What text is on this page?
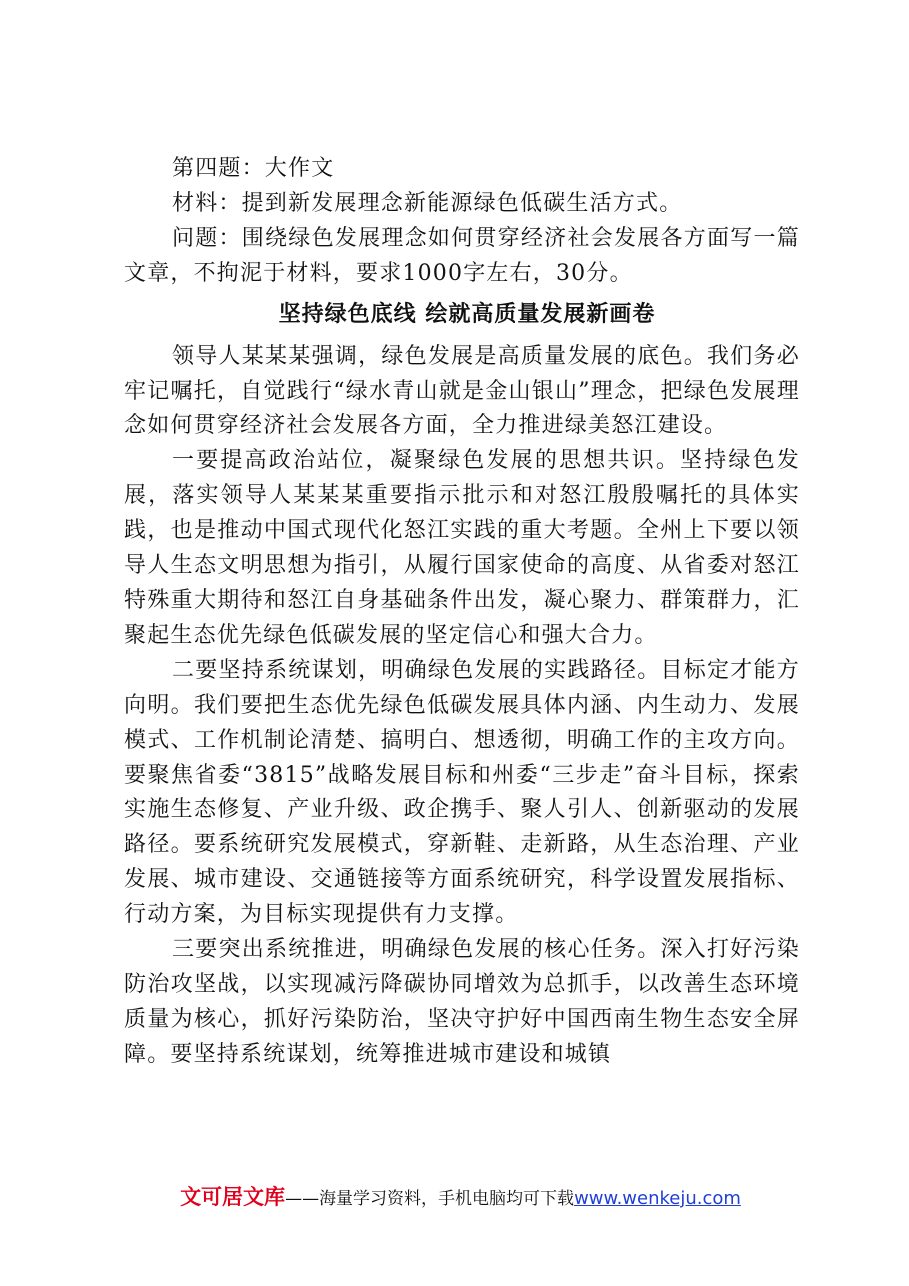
第四题：大作文

材料：提到新发展理念新能源绿色低碳生活方式。

问题：围绕绿色发展理念如何贯穿经济社会发展各方面写一篇文章，不拘泥于材料，要求1000字左右，30分。

坚持绿色底线 绘就高质量发展新画卷

领导人某某某强调，绿色发展是高质量发展的底色。我们务必牢记嘱托，自觉践行“绿水青山就是金山银山”理念，把绿色发展理念如何贯穿经济社会发展各方面，全力推进绿美怒江建设。

一要提高政治站位，凝聚绿色发展的思想共识。坚持绿色发展，落实领导人某某某重要指示批示和对怒江殷殷嘱托的具体实践，也是推动中国式现代化怒江实践的重大考题。全州上下要以领导人生态文明思想为指引，从履行国家使命的高度、从省委对怒江特殊重大期待和怒江自身基础条件出发，凝心聚力、群策群力，汇聚起生态优先绿色低碳发展的坚定信心和强大合力。

二要坚持系统谋划，明确绿色发展的实践路径。目标定才能方向明。我们要把生态优先绿色低碳发展具体内涵、内生动力、发展模式、工作机制论清楚、搞明白、想透彻，明确工作的主攻方向。要聚焦省委“3815”战略发展目标和州委“三步走”奋斗目标，探索实施生态修复、产业升级、政企携手、聚人引人、创新驱动的发展路径。要系统研究发展模式，穿新鞋、走新路，从生态治理、产业发展、城市建设、交通链接等方面系统研究，科学设置发展指标、行动方案，为目标实现提供有力支撑。

三要突出系统推进，明确绿色发展的核心任务。深入打好污染防治攻坚战，以实现减污降碳协同增效为总抓手，以改善生态环境质量为核心，抓好污染防治，坚决守护好中国西南生物生态安全屏障。要坚持系统谋划，统筹推进城市建设和城镇

文可居文库——海量学习资料，手机电脑均可下载www.wenkeju.com
